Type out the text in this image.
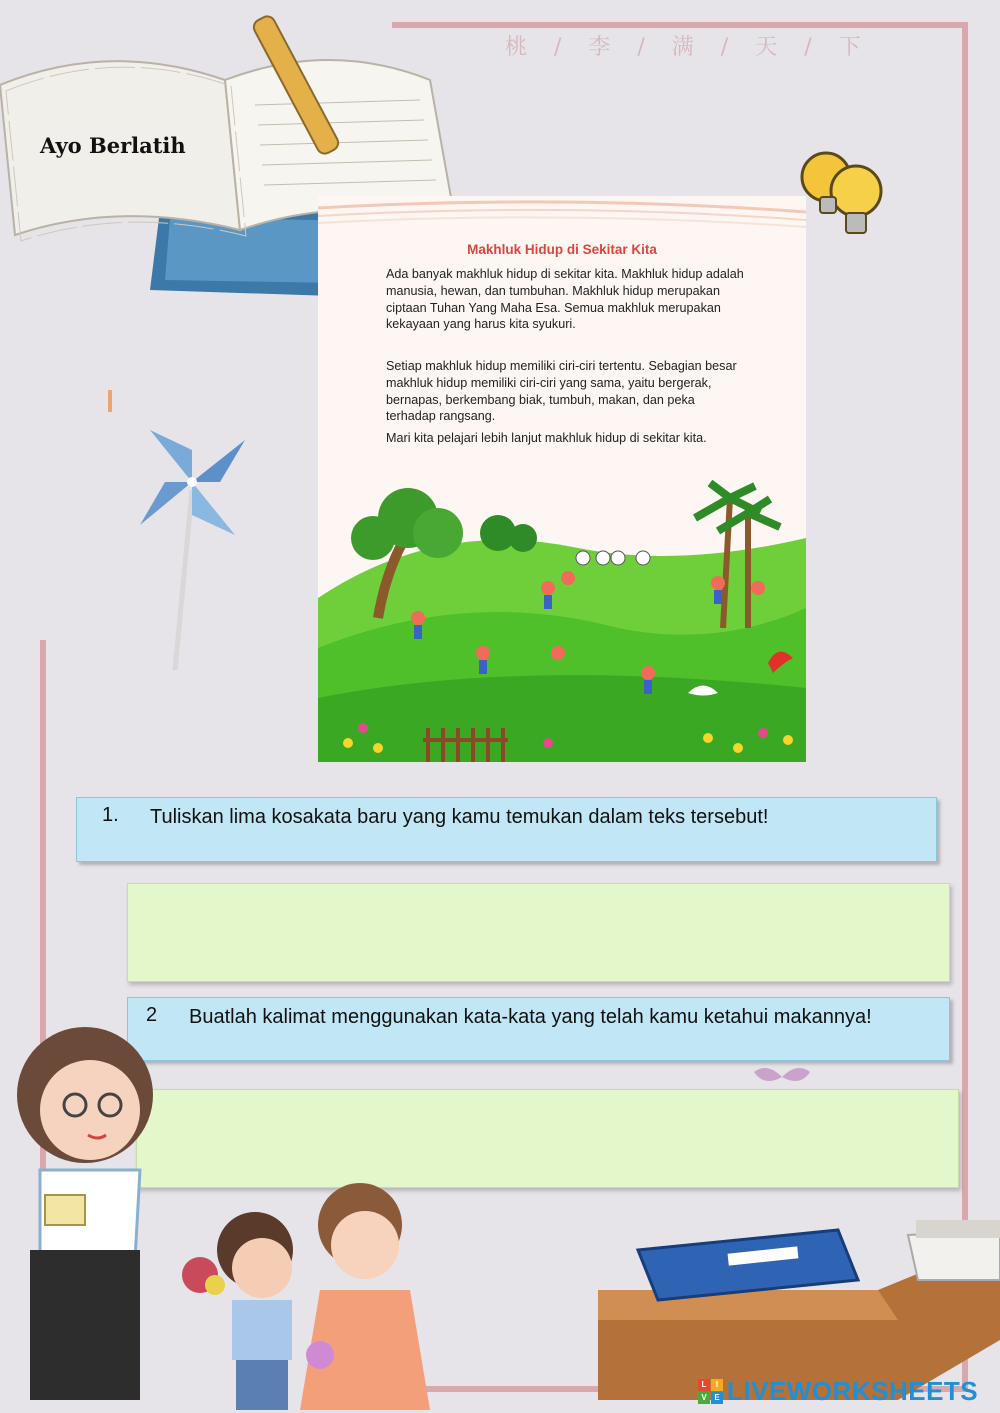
桃 / 李 / 满 / 天 / 下
Ayo Berlatih
Makhluk Hidup di Sekitar Kita

Ada banyak makhluk hidup di sekitar kita. Makhluk hidup adalah manusia, hewan, dan tumbuhan. Makhluk hidup merupakan ciptaan Tuhan Yang Maha Esa. Semua makhluk merupakan kekayaan yang harus kita syukuri.

Setiap makhluk hidup memiliki ciri-ciri tertentu. Sebagian besar makhluk hidup memiliki ciri-ciri yang sama, yaitu bergerak, bernapas, berkembang biak, tumbuh, makan, dan peka terhadap rangsang.

Mari kita pelajari lebih lanjut makhluk hidup di sekitar kita.

1. Tuliskan lima kosakata baru yang kamu temukan dalam teks tersebut!
2 Buatlah kalimat menggunakan kata-kata yang telah kamu ketahui makannya!
L	I
V E LIVEWORKSHEETS
